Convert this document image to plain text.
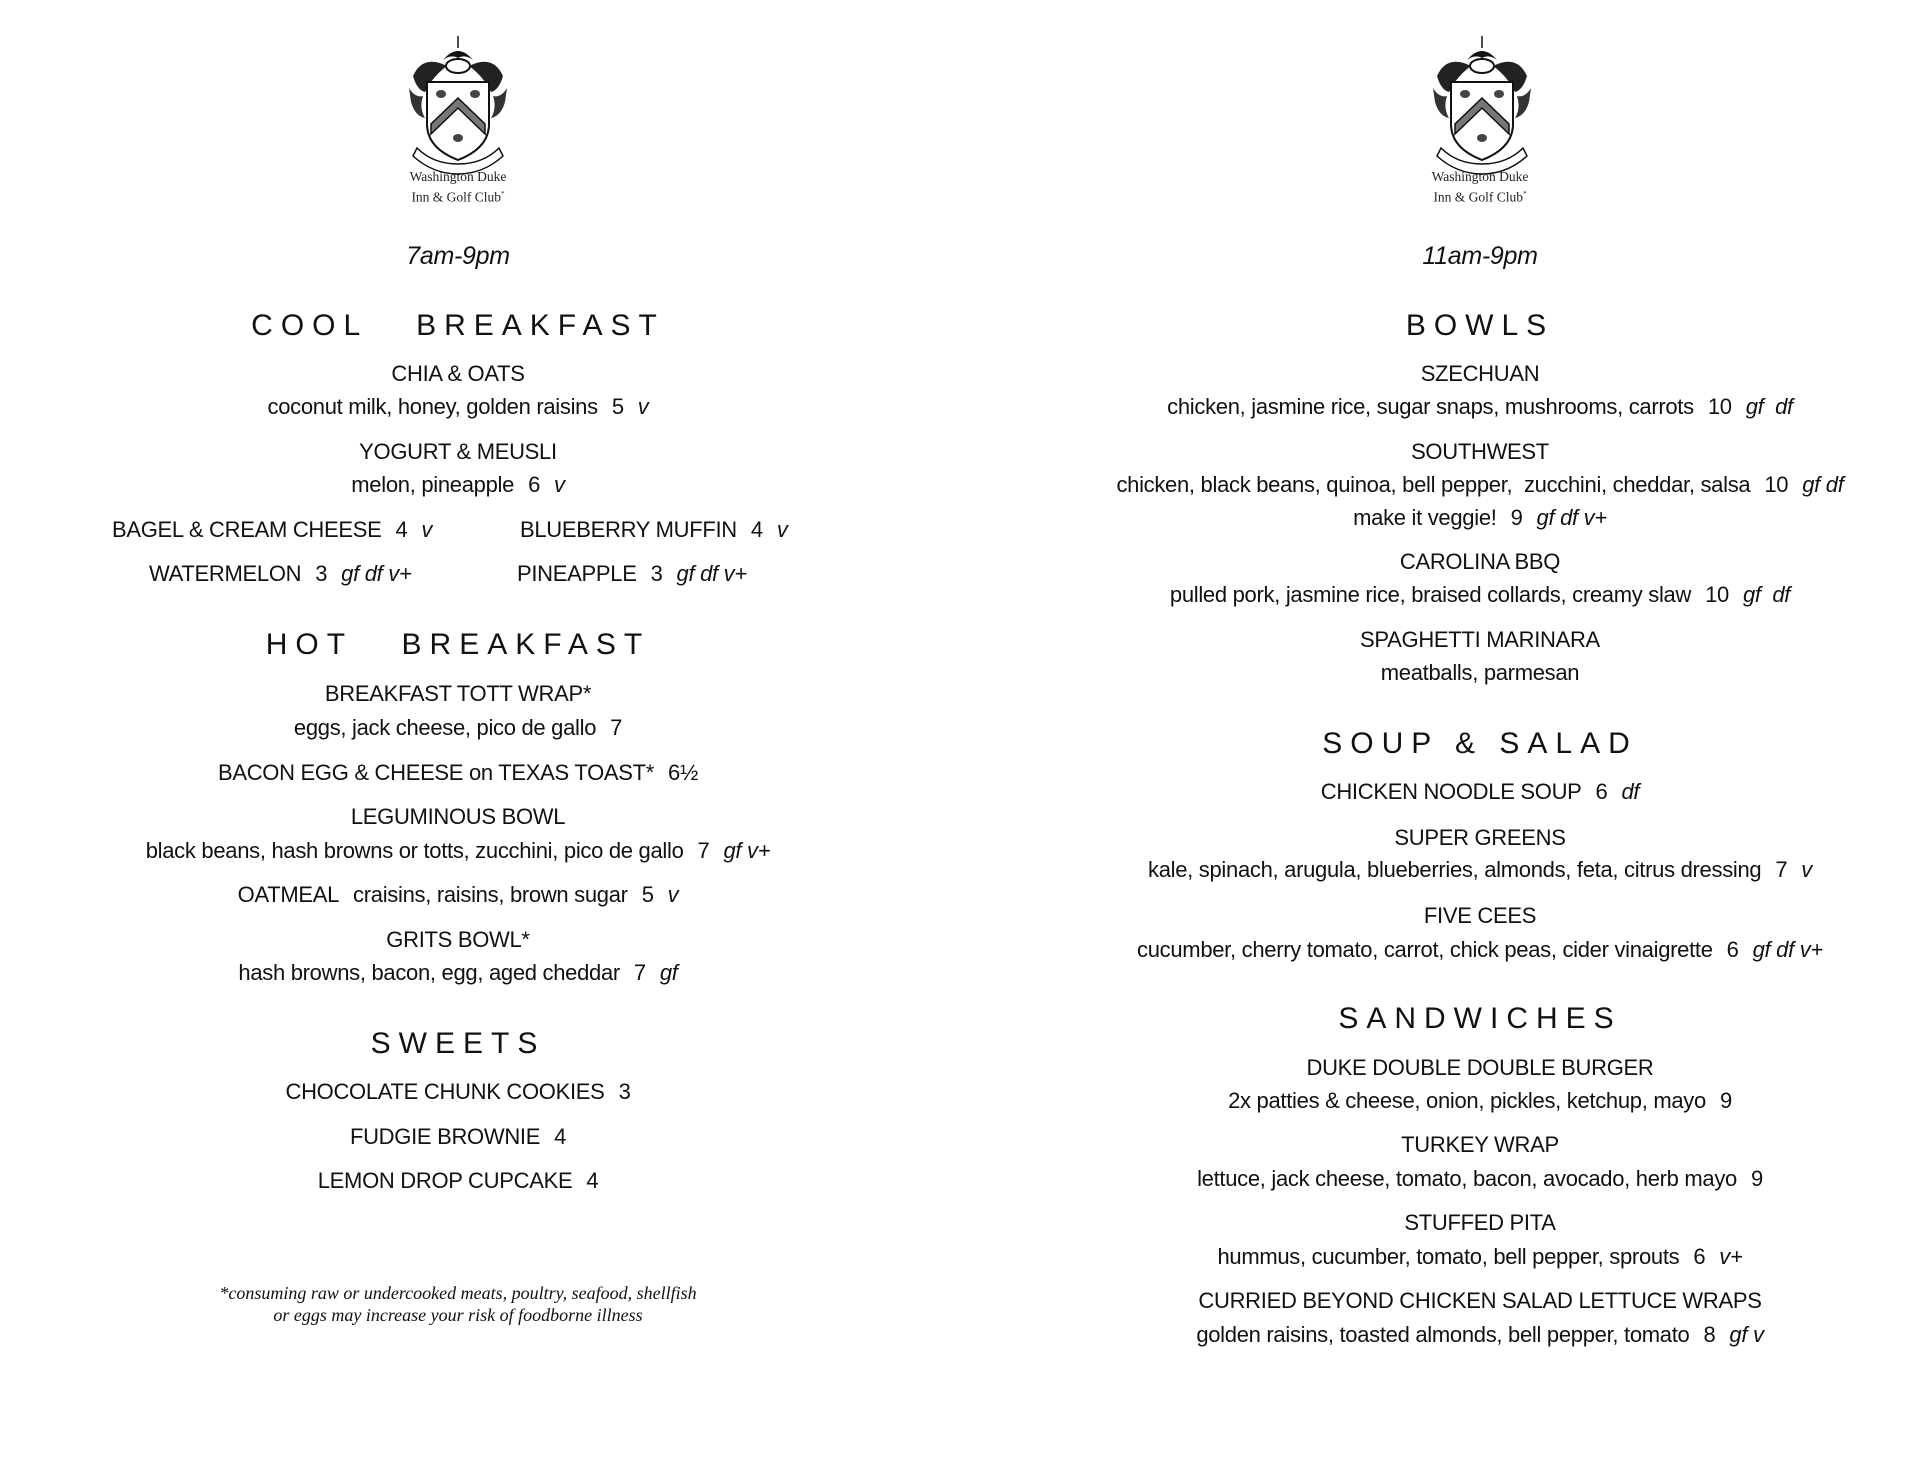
Washington Duke
Inn & Golf Club*
7am-9pm
COOL   BREAKFAST
CHIA & OATS
coconut milk, honey, golden raisins 5 v
YOGURT & MEUSLI
melon, pineapple 6 v
BAGEL & CREAM CHEESE 4 v	BLUEBERRY MUFFIN 4 v
WATERMELON 3 gf df v+	PINEAPPLE 3 gf df v+
HOT   BREAKFAST
BREAKFAST TOTT WRAP*
eggs, jack cheese, pico de gallo 7
BACON EGG & CHEESE on TEXAS TOAST* 6½
LEGUMINOUS BOWL
black beans, hash browns or totts, zucchini, pico de gallo 7 gf v+
OATMEAL craisins, raisins, brown sugar 5 v
GRITS BOWL*
hash browns, bacon, egg, aged cheddar 7 gf
SWEETS
CHOCOLATE CHUNK COOKIES 3
FUDGIE BROWNIE 4
LEMON DROP CUPCAKE 4
*consuming raw or undercooked meats, poultry, seafood, shellfish
or eggs may increase your risk of foodborne illness
Washington Duke
Inn & Golf Club*
11am-9pm
BOWLS
SZECHUAN
chicken, jasmine rice, sugar snaps, mushrooms, carrots 10 gf  df
SOUTHWEST
chicken, black beans, quinoa, bell pepper,  zucchini, cheddar, salsa 10 gf df
make it veggie! 9 gf df v+
CAROLINA BBQ
pulled pork, jasmine rice, braised collards, creamy slaw 10 gf  df
SPAGHETTI MARINARA
meatballs, parmesan
SOUP & SALAD
CHICKEN NOODLE SOUP 6 df
SUPER GREENS
kale, spinach, arugula, blueberries, almonds, feta, citrus dressing 7 v
FIVE CEES
cucumber, cherry tomato, carrot, chick peas, cider vinaigrette 6 gf df v+
SANDWICHES
DUKE DOUBLE DOUBLE BURGER
2x patties & cheese, onion, pickles, ketchup, mayo 9
TURKEY WRAP
lettuce, jack cheese, tomato, bacon, avocado, herb mayo 9
STUFFED PITA
hummus, cucumber, tomato, bell pepper, sprouts 6 v+
CURRIED BEYOND CHICKEN SALAD LETTUCE WRAPS
golden raisins, toasted almonds, bell pepper, tomato 8 gf v
